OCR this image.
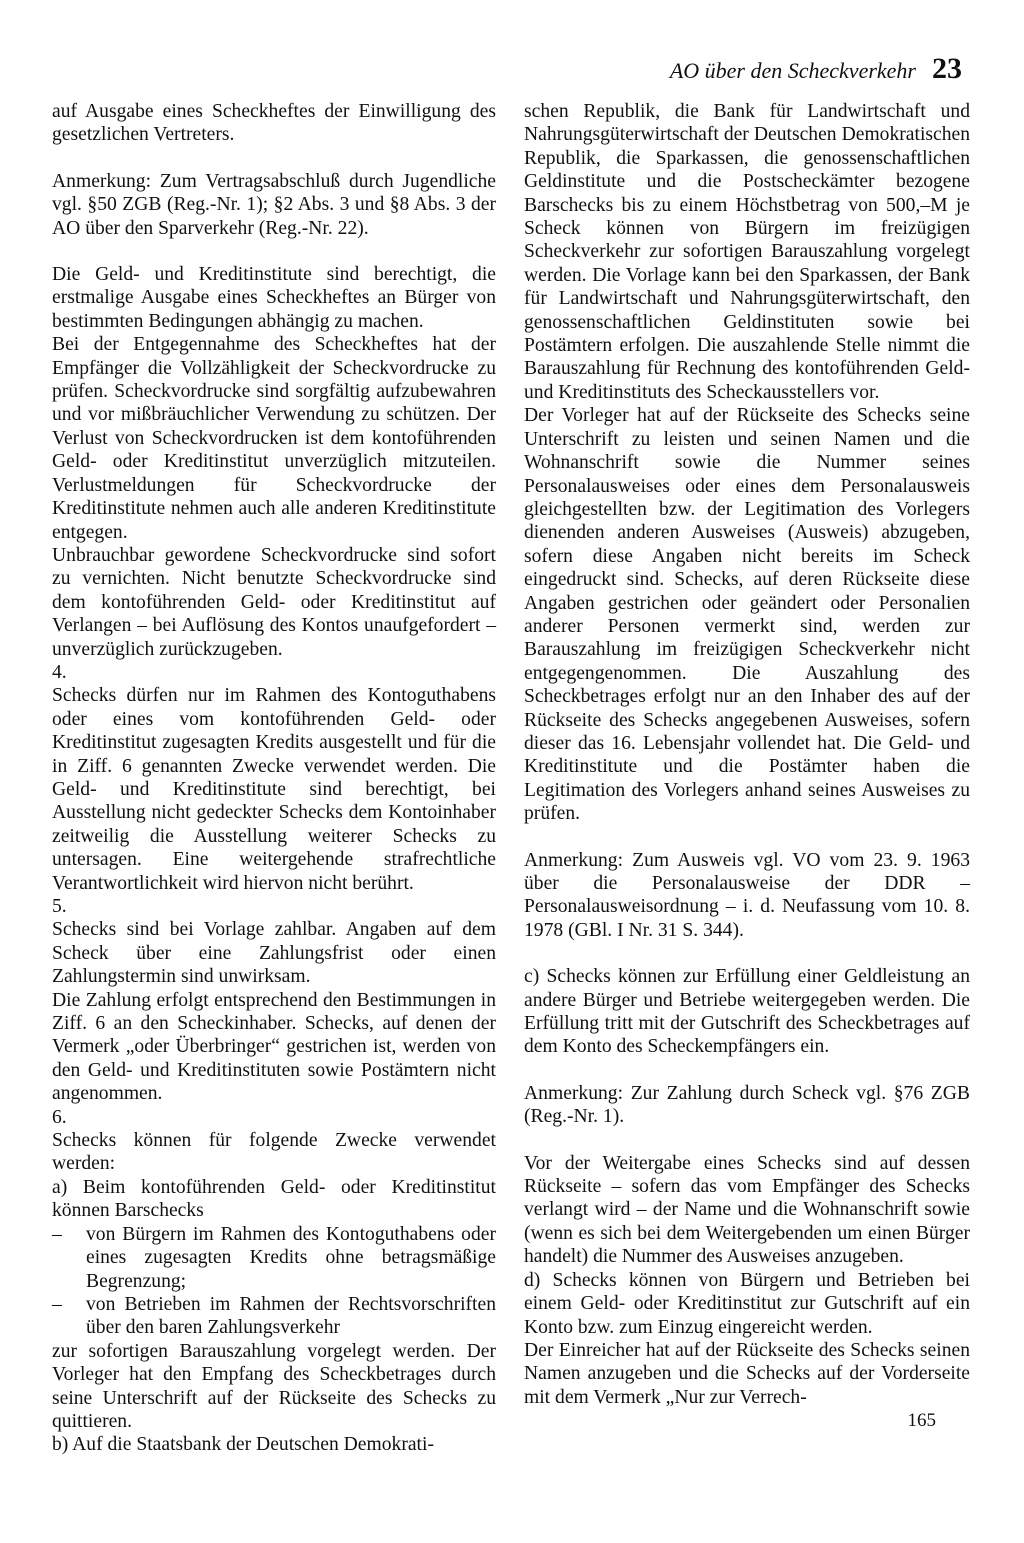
AO über den Scheckverkehr 23

auf Ausgabe eines Scheckheftes der Einwilligung des gesetzlichen Vertreters.

Anmerkung: Zum Vertragsabschluß durch Jugendliche vgl. §50 ZGB (Reg.-Nr. 1); §2 Abs. 3 und §8 Abs. 3 der AO über den Sparverkehr (Reg.-Nr. 22).

Die Geld- und Kreditinstitute sind berechtigt, die erstmalige Ausgabe eines Scheckheftes an Bürger von bestimmten Bedingungen abhängig zu machen.

Bei der Entgegennahme des Scheckheftes hat der Empfänger die Vollzähligkeit der Scheckvordrucke zu prüfen. Scheckvordrucke sind sorgfältig aufzubewahren und vor mißbräuchlicher Verwendung zu schützen. Der Verlust von Scheckvordrucken ist dem kontoführenden Geld- oder Kreditinstitut unverzüglich mitzuteilen. Verlustmeldungen für Scheckvordrucke der Kreditinstitute nehmen auch alle anderen Kreditinstitute entgegen.

Unbrauchbar gewordene Scheckvordrucke sind sofort zu vernichten. Nicht benutzte Scheckvordrucke sind dem kontoführenden Geld- oder Kreditinstitut auf Verlangen – bei Auflösung des Kontos unaufgefordert – unverzüglich zurückzugeben.

4.

Schecks dürfen nur im Rahmen des Kontoguthabens oder eines vom kontoführenden Geld- oder Kreditinstitut zugesagten Kredits ausgestellt und für die in Ziff. 6 genannten Zwecke verwendet werden. Die Geld- und Kreditinstitute sind berechtigt, bei Ausstellung nicht gedeckter Schecks dem Kontoinhaber zeitweilig die Ausstellung weiterer Schecks zu untersagen. Eine weitergehende strafrechtliche Verantwortlichkeit wird hiervon nicht berührt.

5.

Schecks sind bei Vorlage zahlbar. Angaben auf dem Scheck über eine Zahlungsfrist oder einen Zahlungstermin sind unwirksam.

Die Zahlung erfolgt entsprechend den Bestimmungen in Ziff. 6 an den Scheckinhaber. Schecks, auf denen der Vermerk „oder Überbringer“ gestrichen ist, werden von den Geld- und Kreditinstituten sowie Postämtern nicht angenommen.

6.

Schecks können für folgende Zwecke verwendet werden:

a) Beim kontoführenden Geld- oder Kreditinstitut können Barschecks

– von Bürgern im Rahmen des Kontoguthabens oder eines zugesagten Kredits ohne betragsmäßige Begrenzung;

– von Betrieben im Rahmen der Rechtsvorschriften über den baren Zahlungsverkehr

zur sofortigen Barauszahlung vorgelegt werden. Der Vorleger hat den Empfang des Scheckbetrages durch seine Unterschrift auf der Rückseite des Schecks zu quittieren.

b) Auf die Staatsbank der Deutschen Demokrati-

schen Republik, die Bank für Landwirtschaft und Nahrungsgüterwirtschaft der Deutschen Demokratischen Republik, die Sparkassen, die genossenschaftlichen Geldinstitute und die Postscheckämter bezogene Barschecks bis zu einem Höchstbetrag von 500,–M je Scheck können von Bürgern im freizügigen Scheckverkehr zur sofortigen Barauszahlung vorgelegt werden. Die Vorlage kann bei den Sparkassen, der Bank für Landwirtschaft und Nahrungsgüterwirtschaft, den genossenschaftlichen Geldinstituten sowie bei Postämtern erfolgen. Die auszahlende Stelle nimmt die Barauszahlung für Rechnung des kontoführenden Geld- und Kreditinstituts des Scheckausstellers vor.

Der Vorleger hat auf der Rückseite des Schecks seine Unterschrift zu leisten und seinen Namen und die Wohnanschrift sowie die Nummer seines Personalausweises oder eines dem Personalausweis gleichgestellten bzw. der Legitimation des Vorlegers dienenden anderen Ausweises (Ausweis) abzugeben, sofern diese Angaben nicht bereits im Scheck eingedruckt sind. Schecks, auf deren Rückseite diese Angaben gestrichen oder geändert oder Personalien anderer Personen vermerkt sind, werden zur Barauszahlung im freizügigen Scheckverkehr nicht entgegengenommen. Die Auszahlung des Scheckbetrages erfolgt nur an den Inhaber des auf der Rückseite des Schecks angegebenen Ausweises, sofern dieser das 16. Lebensjahr vollendet hat. Die Geld- und Kreditinstitute und die Postämter haben die Legitimation des Vorlegers anhand seines Ausweises zu prüfen.

Anmerkung: Zum Ausweis vgl. VO vom 23. 9. 1963 über die Personalausweise der DDR – Personalausweisordnung – i. d. Neufassung vom 10. 8. 1978 (GBl. I Nr. 31 S. 344).

c) Schecks können zur Erfüllung einer Geldleistung an andere Bürger und Betriebe weitergegeben werden. Die Erfüllung tritt mit der Gutschrift des Scheckbetrages auf dem Konto des Scheckempfängers ein.

Anmerkung: Zur Zahlung durch Scheck vgl. §76 ZGB (Reg.-Nr. 1).

Vor der Weitergabe eines Schecks sind auf dessen Rückseite – sofern das vom Empfänger des Schecks verlangt wird – der Name und die Wohnanschrift sowie (wenn es sich bei dem Weitergebenden um einen Bürger handelt) die Nummer des Ausweises anzugeben.

d) Schecks können von Bürgern und Betrieben bei einem Geld- oder Kreditinstitut zur Gutschrift auf ein Konto bzw. zum Einzug eingereicht werden.

Der Einreicher hat auf der Rückseite des Schecks seinen Namen anzugeben und die Schecks auf der Vorderseite mit dem Vermerk „Nur zur Verrech-

165
